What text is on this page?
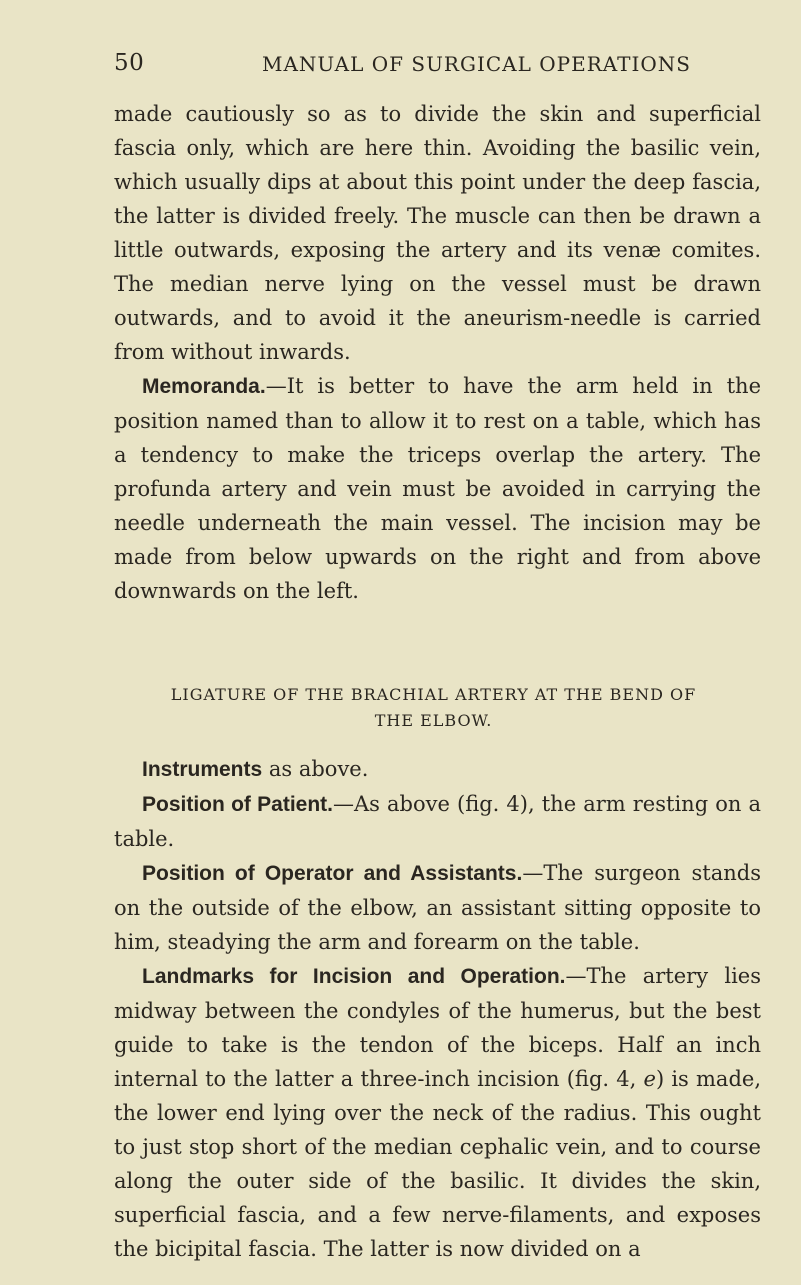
50	MANUAL OF SURGICAL OPERATIONS

made cautiously so as to divide the skin and superficial fascia only, which are here thin. Avoiding the basilic vein, which usually dips at about this point under the deep fascia, the latter is divided freely. The muscle can then be drawn a little outwards, exposing the artery and its venæ comites. The median nerve lying on the vessel must be drawn outwards, and to avoid it the aneurism-needle is carried from without inwards.

Memoranda.—It is better to have the arm held in the position named than to allow it to rest on a table, which has a tendency to make the triceps overlap the artery. The profunda artery and vein must be avoided in carrying the needle underneath the main vessel. The incision may be made from below upwards on the right and from above downwards on the left.

LIGATURE OF THE BRACHIAL ARTERY AT THE BEND OF
THE ELBOW.

Instruments as above.

Position of Patient.—As above (fig. 4), the arm resting on a table.

Position of Operator and Assistants.—The surgeon stands on the outside of the elbow, an assistant sitting opposite to him, steadying the arm and forearm on the table.

Landmarks for Incision and Operation.—The artery lies midway between the condyles of the humerus, but the best guide to take is the tendon of the biceps. Half an inch internal to the latter a three-inch incision (fig. 4, e) is made, the lower end lying over the neck of the radius. This ought to just stop short of the median cephalic vein, and to course along the outer side of the basilic. It divides the skin, superficial fascia, and a few nerve-filaments, and exposes the bicipital fascia. The latter is now divided on a
